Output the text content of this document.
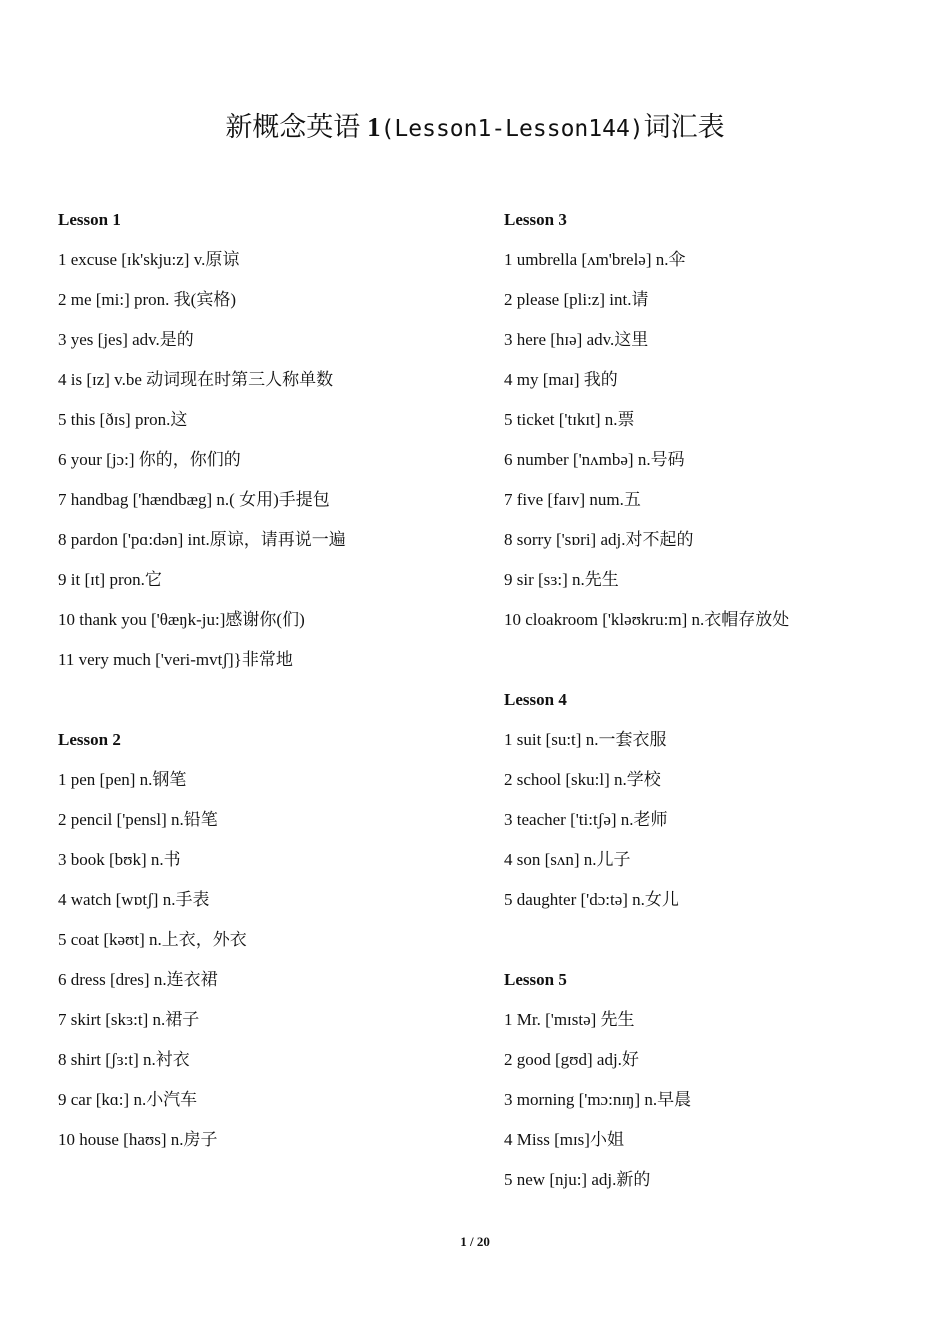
新概念英语 1(Lesson1-Lesson144)词汇表
Lesson 1
1 excuse [ɪk'skju:z] v.原谅
2 me [mi:] pron. 我(宾格)
3 yes [jes] adv.是的
4 is [ɪz] v.be 动词现在时第三人称单数
5 this [ðɪs] pron.这
6 your [jɔ:] 你的，你们的
7 handbag ['hændbæg] n.( 女用)手提包
8 pardon ['pɑ:dən] int.原谅，请再说一遍
9 it [ɪt] pron.它
10 thank you ['θæŋk-ju:]感谢你(们)
11 very much ['veri-mvtʃ]}非常地
Lesson 2
1 pen [pen] n.钢笔
2 pencil ['pensl] n.铅笔
3 book [bʊk] n.书
4 watch [wɒtʃ] n.手表
5 coat [kəʊt] n.上衣，外衣
6 dress [dres] n.连衣裙
7 skirt [skɜ:t] n.裙子
8 shirt [ʃɜ:t] n.衬衣
9 car [kɑ:] n.小汽车
10 house [haʊs] n.房子
Lesson 3
1 umbrella [ʌm'brelə] n.伞
2 please [pli:z] int.请
3 here [hɪə] adv.这里
4 my [maɪ] 我的
5 ticket ['tɪkɪt] n.票
6 number ['nʌmbə] n.号码
7 five [faɪv] num.五
8 sorry ['sɒri] adj.对不起的
9 sir [sɜ:] n.先生
10 cloakroom ['kləʊkru:m] n.衣帽存放处
Lesson 4
1 suit [su:t] n.一套衣服
2 school [sku:l] n.学校
3 teacher ['ti:tʃə] n.老师
4 son [sʌn] n.儿子
5 daughter ['dɔ:tə] n.女儿
Lesson 5
1 Mr. ['mɪstə] 先生
2 good [gʊd] adj.好
3 morning ['mɔ:nɪŋ] n.早晨
4 Miss [mɪs]小姐
5 new [nju:] adj.新的
1 / 20
